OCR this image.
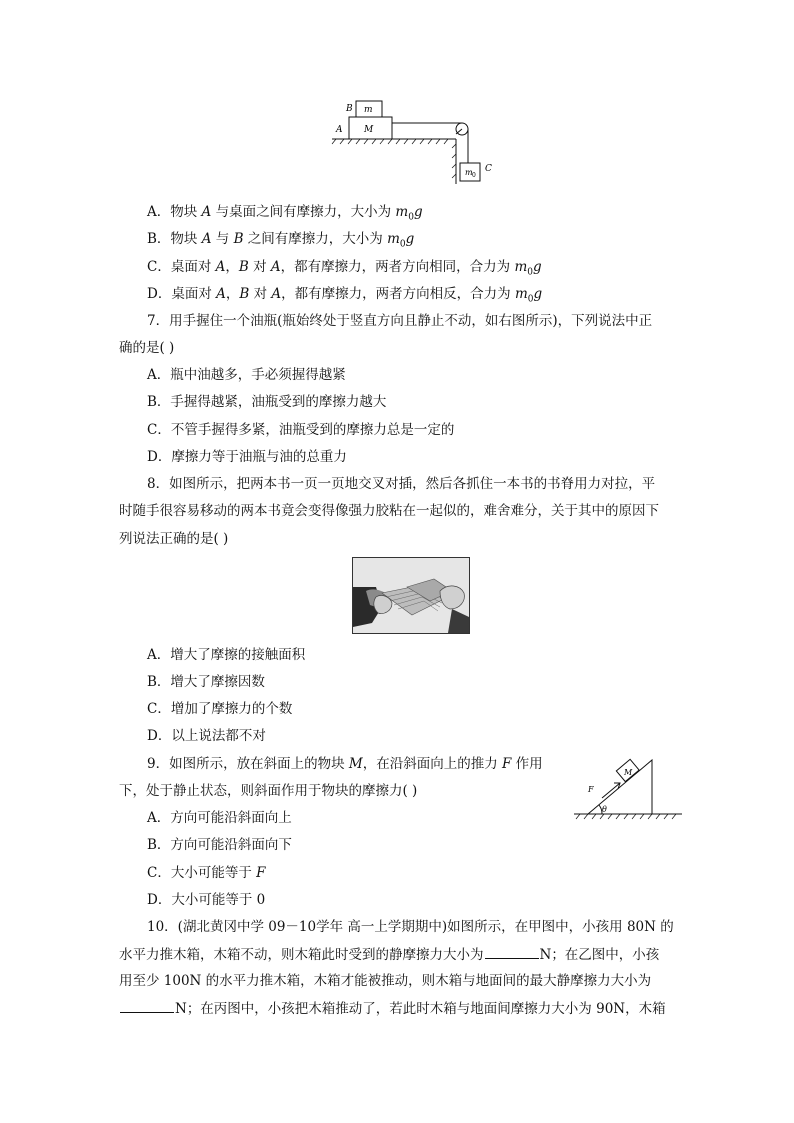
B m
A M
m 0
C
A．物块 A 与桌面之间有摩擦力，大小为 $m_0g$
B．物块 A 与 B 之间有摩擦力，大小为 $m_0g$
C．桌面对 A，B 对 A，都有摩擦力，两者方向相同，合力为 $m_0g$
D．桌面对 A，B 对 A，都有摩擦力，两者方向相反，合力为 $m_0g$
7．用手握住一个油瓶(瓶始终处于竖直方向且静止不动，如右图所示)，下列说法中正
确的是( )
A．瓶中油越多，手必须握得越紧
B．手握得越紧，油瓶受到的摩擦力越大
C．不管手握得多紧，油瓶受到的摩擦力总是一定的
D．摩擦力等于油瓶与油的总重力
8．如图所示，把两本书一页一页地交叉对插，然后各抓住一本书的书脊用力对拉，平
时随手很容易移动的两本书竟会变得像强力胶粘在一起似的，难舍难分，关于其中的原因下
列说法正确的是( )
A．增大了摩擦的接触面积
B．增大了摩擦因数
C．增加了摩擦力的个数
D．以上说法都不对
9．如图所示，放在斜面上的物块 M，在沿斜面向上的推力 F 作用
下，处于静止状态，则斜面作用于物块的摩擦力( )
A．方向可能沿斜面向上
B．方向可能沿斜面向下
C．大小可能等于 F
D．大小可能等于 0
M
F
θ
10．(湖北黄冈中学 09－10学年 高一上学期期中)如图所示，在甲图中，小孩用 80N 的
水平力推木箱，木箱不动，则木箱此时受到的静摩擦力大小为	N；在乙图中，小孩
用至少 100N 的水平力推木箱，木箱才能被推动，则木箱与地面间的最大静摩擦力大小为
N；在丙图中，小孩把木箱推动了，若此时木箱与地面间摩擦力大小为 90N，木箱
